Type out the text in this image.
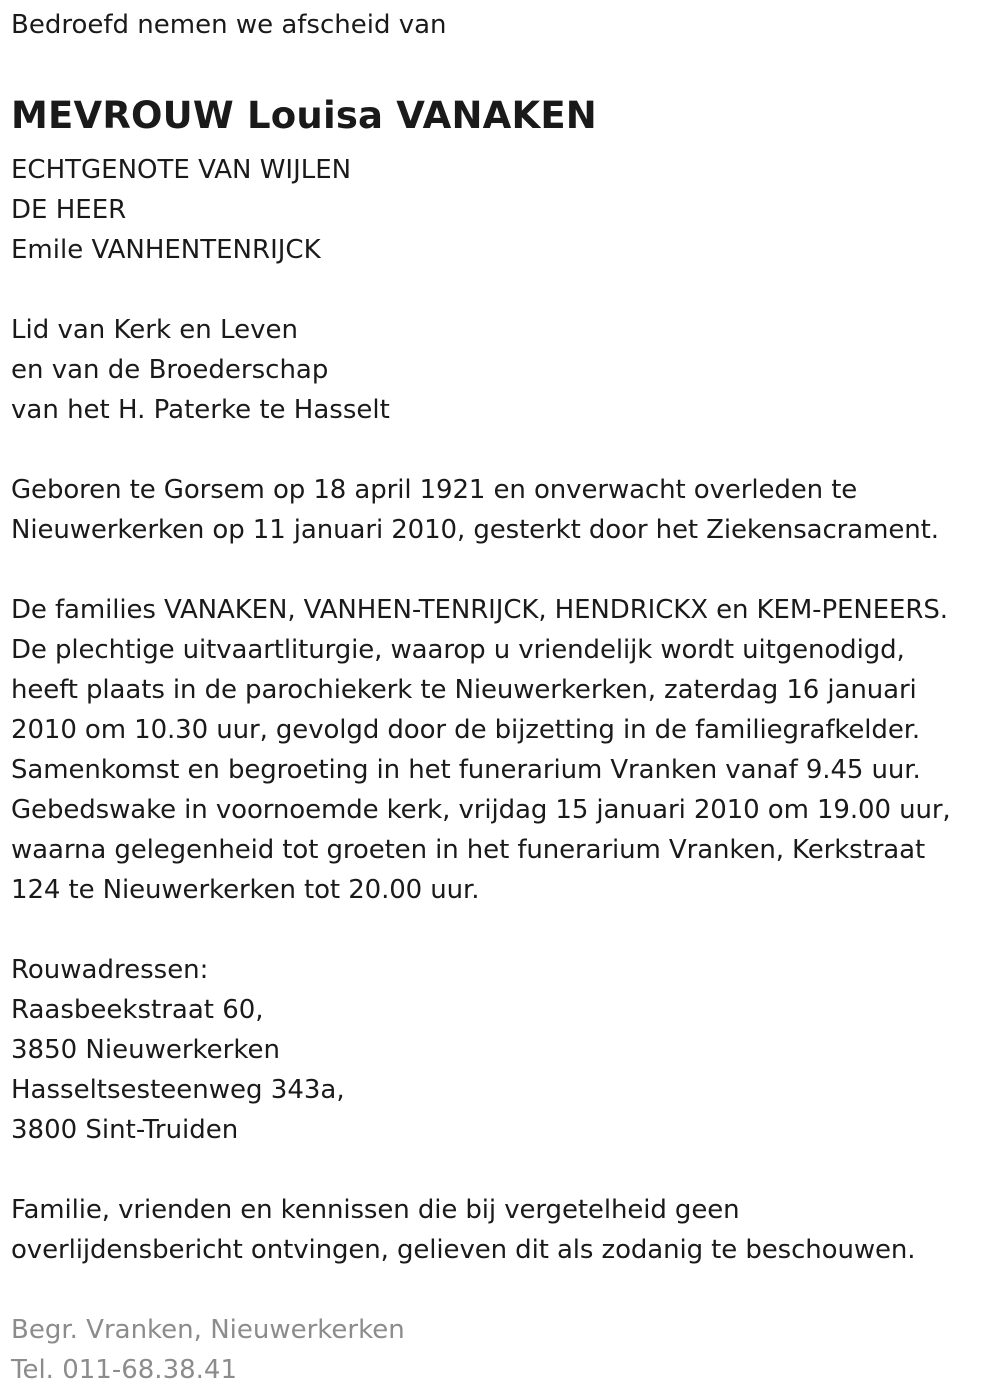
Bedroefd nemen we afscheid van
MEVROUW Louisa VANAKEN
ECHTGENOTE VAN WIJLEN
DE HEER
Emile VANHENTENRIJCK
Lid van Kerk en Leven
en van de Broederschap
van het H. Paterke te Hasselt
Geboren te Gorsem op 18 april 1921 en onverwacht overleden te
Nieuwerkerken op 11 januari 2010, gesterkt door het Ziekensacrament.
De families VANAKEN, VANHEN-TENRIJCK, HENDRICKX en KEM-PENEERS.
De plechtige uitvaartliturgie, waarop u vriendelijk wordt uitgenodigd,
heeft plaats in de parochiekerk te Nieuwerkerken, zaterdag 16 januari
2010 om 10.30 uur, gevolgd door de bijzetting in de familiegrafkelder.
Samenkomst en begroeting in het funerarium Vranken vanaf 9.45 uur.
Gebedswake in voornoemde kerk, vrijdag 15 januari 2010 om 19.00 uur,
waarna gelegenheid tot groeten in het funerarium Vranken, Kerkstraat
124 te Nieuwerkerken tot 20.00 uur.
Rouwadressen:
Raasbeekstraat 60,
3850 Nieuwerkerken
Hasseltsesteenweg 343a,
3800 Sint-Truiden
Familie, vrienden en kennissen die bij vergetelheid geen
overlijdensbericht ontvingen, gelieven dit als zodanig te beschouwen.
Begr. Vranken, Nieuwerkerken
Tel. 011-68.38.41
